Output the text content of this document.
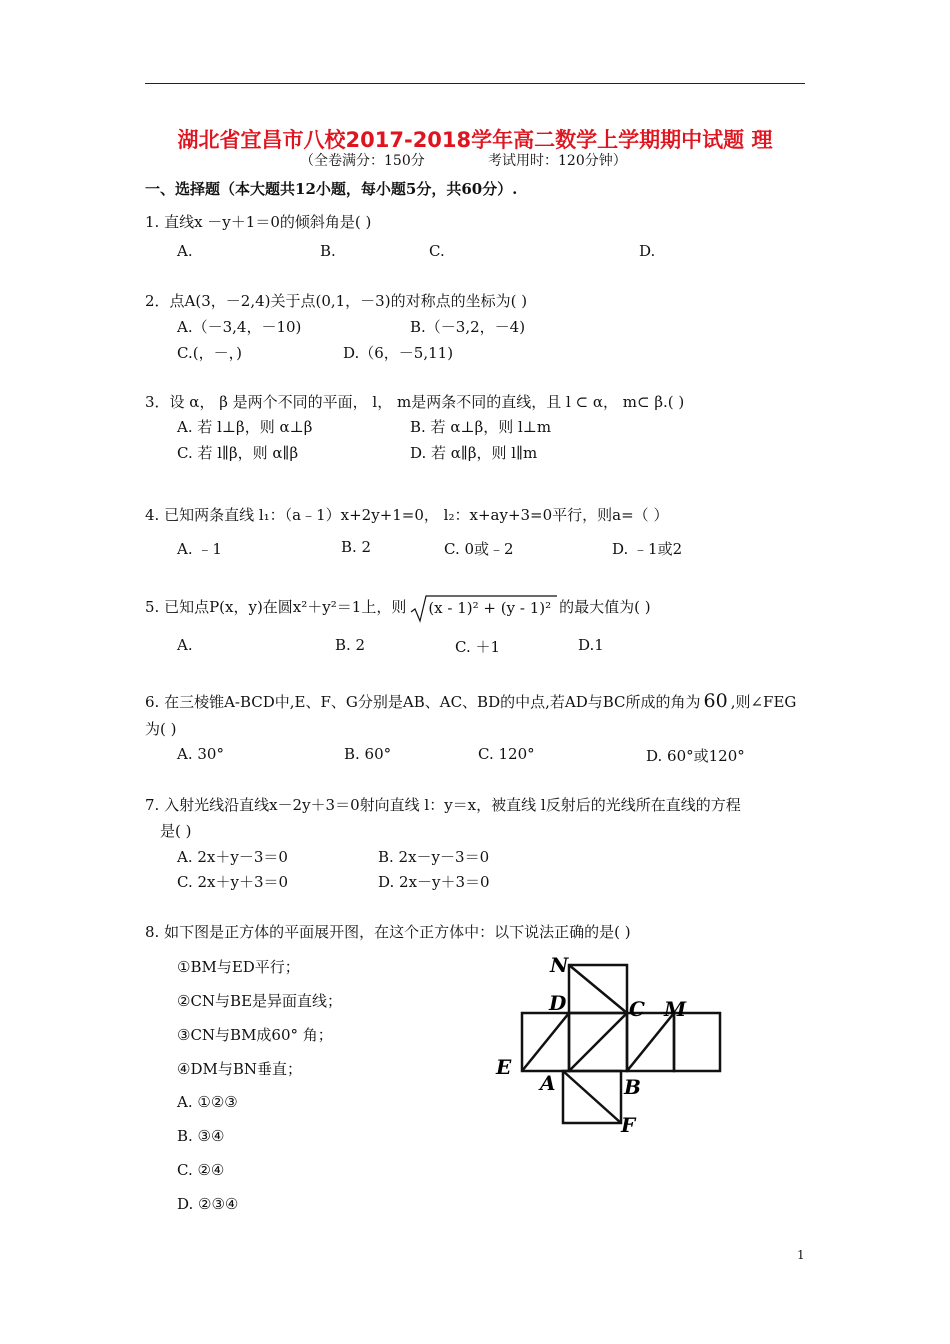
湖北省宜昌市八校2017-2018学年高二数学上学期期中试题 理
（全卷满分：150分	考试用时：120分钟）
一、选择题（本大题共12小题，每小题5分，共60分）.
1. 直线x －y＋1＝0的倾斜角是( )
A.	B.	C.	D.
2．点A(3，－2,4)关于点(0,1，－3)的对称点的坐标为( )
A.（－3,4，－10)	B.（－3,2，－4)
C.(，－，)	D.（6，－5,11)
3．设 α， β 是两个不同的平面， l， m是两条不同的直线，且 l ⊂ α， m⊂ β.( )
A. 若 l⊥β，则 α⊥β	B. 若 α⊥β，则 l⊥m
C. 若 l∥β，则 α∥β	D. 若 α∥β，则 l∥m
4. 已知两条直线 l₁：（a﹣1）x+2y+1=0， l₂：x+ay+3=0平行，则a=（ ）
A. ﹣1	B. 2	C. 0或﹣2	D. ﹣1或2
5. 已知点P(x，y)在圆x²＋y²＝1上，则	(x - 1)² + (y - 1)² 的最大值为( )
A.	B. 2	C. ＋1	D.1
6. 在三棱锥A-BCD中,E、F、G分别是AB、AC、BD的中点,若AD与BC所成的角为 60 ,则∠FEG
为( )
A. 30°	B. 60°	C. 120°	D. 60°或120°
7. 入射光线沿直线x－2y＋3＝0射向直线 l：y＝x，被直线 l反射后的光线所在直线的方程
是( )
A. 2x＋y－3＝0	B. 2x－y－3＝0
C. 2x＋y＋3＝0	D. 2x－y＋3＝0
8. 如下图是正方体的平面展开图，在这个正方体中：以下说法正确的是( )
①BM与ED平行；
②CN与BE是异面直线；
③CN与BM成60° 角；
④DM与BN垂直；
A. ①②③
B. ③④
C. ②④
D. ②③④
N
D	C M
E
A	B
F
1
